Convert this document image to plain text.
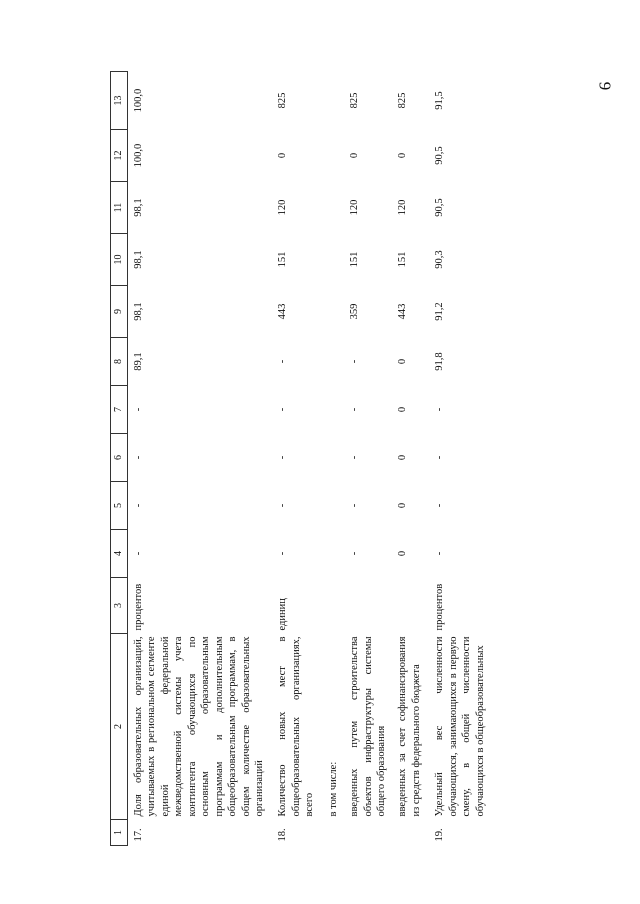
9
1	2	3	4	5	6	7	8	9	10	11	12	13
17.	Доля образовательных организаций, учитываемых в региональном сегменте единой федеральной межведомственной системы учета контингента обучающихся по основным образовательным программам и дополнительным общеобразовательным программам, в общем количестве образовательных организаций	процентов	-	-	-	-	89,1	98,1	98,1	98,1	100,0	100,0
18.	Количество новых мест в общеобразовательных организациях, всего	единиц	-	-	-	-	-	443	151	120	0	825
	в том числе:											
	введенных путем строительства объектов инфраструктуры системы общего образования		-	-	-	-	-	359	151	120	0	825
	введенных за счет софинансирования из средств федерального бюджета		0	0	0	0	0	443	151	120	0	825
19.	Удельный вес численности обучающихся, занимающихся в первую смену, в общей численности обучающихся в общеобразовательных	процентов	-	-	-	-	91,8	91,2	90,3	90,5	90,5	91,5
